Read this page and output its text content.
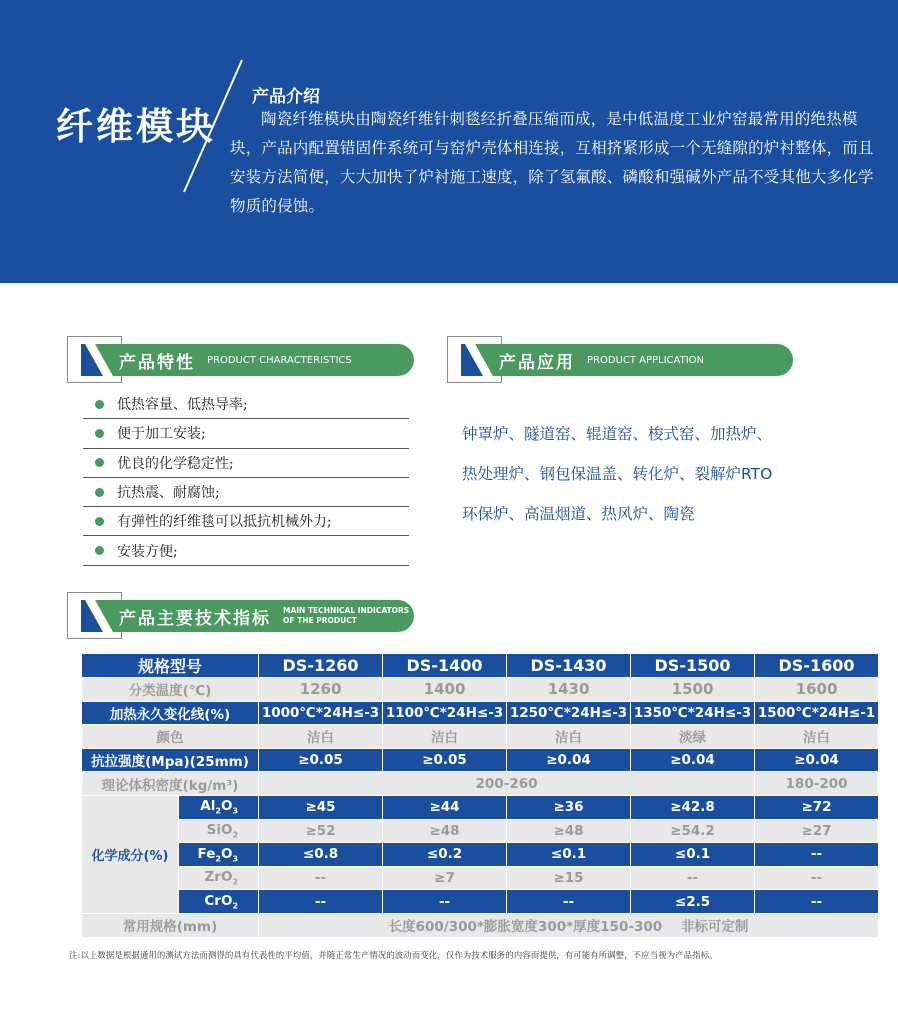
纤维模块
产品介绍
陶瓷纤维模块由陶瓷纤维针刺毯经折叠压缩而成，是中低温度工业炉窑最常用的绝热模块，产品内配置错固件系统可与窑炉壳体相连接，互相挤紧形成一个无缝隙的炉衬整体，而且安装方法简便，大大加快了炉衬施工速度，除了氢氟酸、磷酸和强碱外产品不受其他大多化学物质的侵蚀。
产品特性 PRODUCT CHARACTERISTICS
低热容量、低热导率;
便于加工安装;
优良的化学稳定性;
抗热震、耐腐蚀;
有弹性的纤维毯可以抵抗机械外力;
安装方便;
产品应用 PRODUCT APPLICATION
钟罩炉、隧道窑、辊道窑、梭式窑、加热炉、
热处理炉、钢包保温盖、转化炉、裂解炉RTO
环保炉、高温烟道、热风炉、陶瓷
产品主要技术指标 MAIN TECHNICAL INDICATORS
OF THE PRODUCT
规格型号		DS-1260	DS-1400	DS-1430	DS-1500	DS-1600
分类温度(℃)		1260	1400	1430	1500	1600
加热永久变化线(%)		1000℃*24H≤-3	1100℃*24H≤-3	1250℃*24H≤-3	1350℃*24H≤-3	1500℃*24H≤-1
颜色		洁白	洁白	洁白	淡绿	洁白
抗拉强度(Mpa)(25mm)		≥0.05	≥0.05	≥0.04	≥0.04	≥0.04
理论体积密度(kg/m³)		200-260				180-200
化学成分(%)	$Al_2O_3$	≥45	≥44	≥36	≥42.8	≥72
	SiO$_2$	≥52	≥48	≥48	≥54.2	≥27
	$Fe_2O_3$	≤0.8	≤0.2	≤0.1	≤0.1	--
	ZrO$_2$	--	≥7	≥15	--	--
	CrO$_2$	--	--	--	≤2.5	--
常用规格(mm)		长度600/300*膨胀宽度300*厚度150-300    非标可定制				
注:以上数据是根据通用的测试方法而测得的具有代表性的平均值，并随正常生产情况的波动而变化，仅作为技术服务的内容而提供，有可能有所调整，不应当视为产品指标。
